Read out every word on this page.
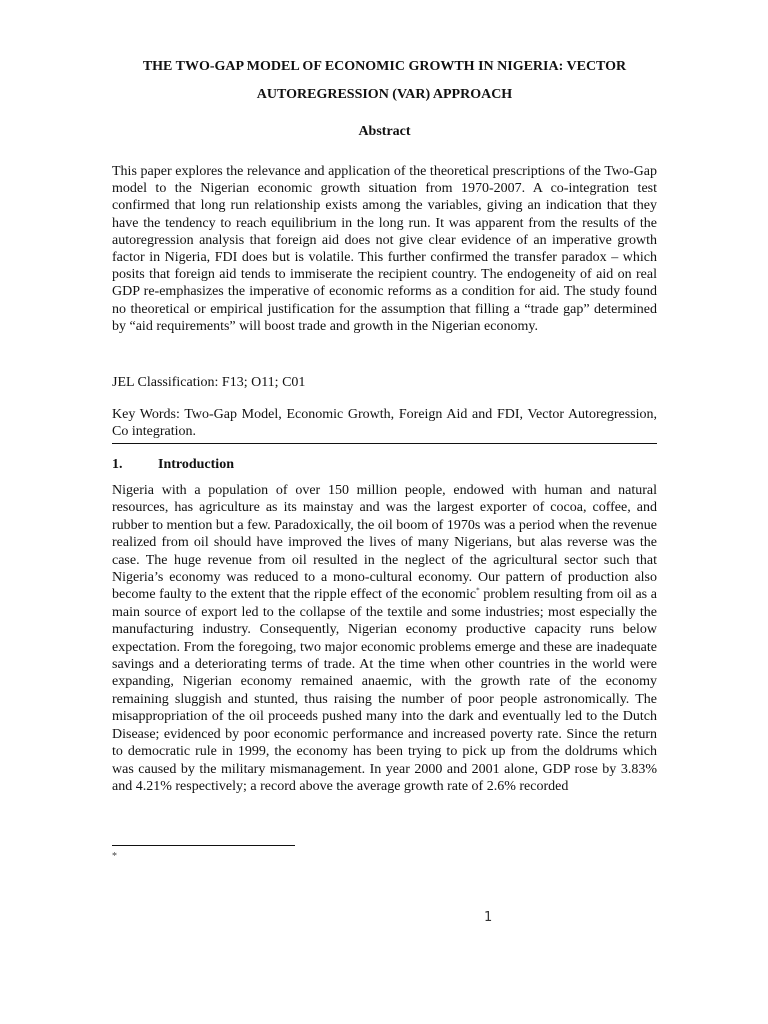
THE TWO-GAP MODEL OF ECONOMIC GROWTH IN NIGERIA: VECTOR
AUTOREGRESSION (VAR) APPROACH
Abstract

This paper explores the relevance and application of the theoretical prescriptions of the Two-Gap model to the Nigerian economic growth situation from 1970-2007. A co-integration test confirmed that long run relationship exists among the variables, giving an indication that they have the tendency to reach equilibrium in the long run. It was apparent from the results of the autoregression analysis that foreign aid does not give clear evidence of an imperative growth factor in Nigeria, FDI does but is volatile. This further confirmed the transfer paradox – which posits that foreign aid tends to immiserate the recipient country. The endogeneity of aid on real GDP re-emphasizes the imperative of economic reforms as a condition for aid. The study found no theoretical or empirical justification for the assumption that filling a “trade gap” determined by “aid requirements” will boost trade and growth in the Nigerian economy.

JEL Classification: F13; O11; C01

Key Words: Two-Gap Model, Economic Growth, Foreign Aid and FDI, Vector Autoregression, Co integration.

1.	Introduction

Nigeria with a population of over 150 million people, endowed with human and natural resources, has agriculture as its mainstay and was the largest exporter of cocoa, coffee, and rubber to mention but a few. Paradoxically, the oil boom of 1970s was a period when the revenue realized from oil should have improved the lives of many Nigerians, but alas reverse was the case. The huge revenue from oil resulted in the neglect of the agricultural sector such that Nigeria’s economy was reduced to a mono-cultural economy. Our pattern of production also become faulty to the extent that the ripple effect of the economic* problem resulting from oil as a main source of export led to the collapse of the textile and some industries; most especially the manufacturing industry. Consequently, Nigerian economy productive capacity runs below expectation. From the foregoing, two major economic problems emerge and these are inadequate savings and a deteriorating terms of trade. At the time when other countries in the world were expanding, Nigerian economy remained anaemic, with the growth rate of the economy remaining sluggish and stunted, thus raising the number of poor people astronomically. The misappropriation of the oil proceeds pushed many into the dark and eventually led to the Dutch Disease; evidenced by poor economic performance and increased poverty rate. Since the return to democratic rule in 1999, the economy has been trying to pick up from the doldrums which was caused by the military mismanagement. In year 2000 and 2001 alone, GDP rose by 3.83% and 4.21% respectively; a record above the average growth rate of 2.6% recorded

*
1
